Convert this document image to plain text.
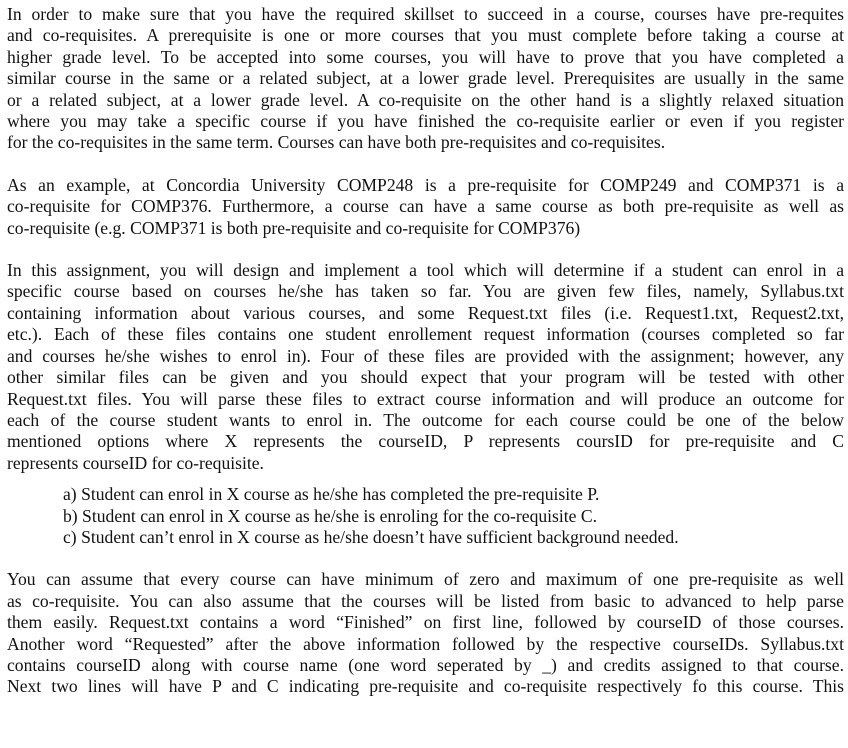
In order to make sure that you have the required skillset to succeed in a course, courses have pre-requites
and co-requisites. A prerequisite is one or more courses that you must complete before taking a course at
higher grade level. To be accepted into some courses, you will have to prove that you have completed a
similar course in the same or a related subject, at a lower grade level. Prerequisites are usually in the same
or a related subject, at a lower grade level. A co-requisite on the other hand is a slightly relaxed situation
where you may take a specific course if you have finished the co-requisite earlier or even if you register
for the co-requisites in the same term. Courses can have both pre-requisites and co-requisites.

As an example, at Concordia University COMP248 is a pre-requisite for COMP249 and COMP371 is a
co-requisite for COMP376. Furthermore, a course can have a same course as both pre-requisite as well as
co-requisite (e.g. COMP371 is both pre-requisite and co-requisite for COMP376)

In this assignment, you will design and implement a tool which will determine if a student can enrol in a
specific course based on courses he/she has taken so far. You are given few files, namely, Syllabus.txt
containing information about various courses, and some Request.txt files (i.e. Request1.txt, Request2.txt,
etc.). Each of these files contains one student enrollement request information (courses completed so far
and courses he/she wishes to enrol in). Four of these files are provided with the assignment; however, any
other similar files can be given and you should expect that your program will be tested with other
Request.txt files. You will parse these files to extract course information and will produce an outcome for
each of the course student wants to enrol in. The outcome for each course could be one of the below
mentioned options where X represents the courseID, P represents coursID for pre-requisite and C
represents courseID for co-requisite.

a) Student can enrol in X course as he/she has completed the pre-requisite P.
b) Student can enrol in X course as he/she is enroling for the co-requisite C.
c) Student can’t enrol in X course as he/she doesn’t have sufficient background needed.

You can assume that every course can have minimum of zero and maximum of one pre-requisite as well
as co-requisite. You can also assume that the courses will be listed from basic to advanced to help parse
them easily. Request.txt contains a word “Finished” on first line, followed by courseID of those courses.
Another word “Requested” after the above information followed by the respective courseIDs. Syllabus.txt
contains courseID along with course name (one word seperated by _) and credits assigned to that course.
Next two lines will have P and C indicating pre-requisite and co-requisite respectively fo this course. This
